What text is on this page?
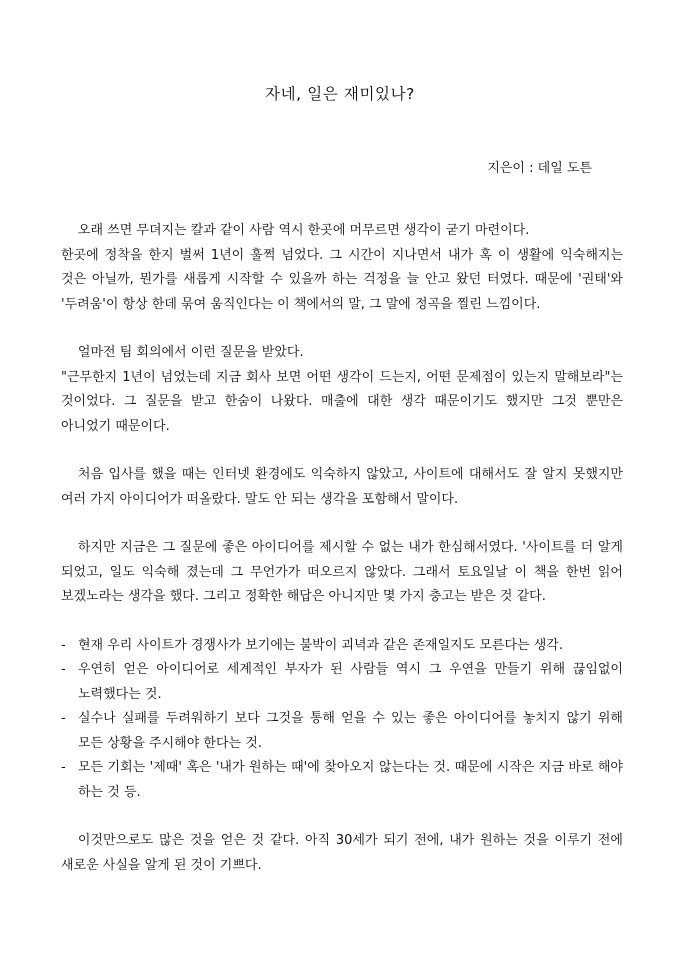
자네, 일은 재미있나?
지은이 : 데일 도튼

오래 쓰면 무뎌지는 칼과 같이 사람 역시 한곳에 머무르면 생각이 굳기 마련이다.
한곳에 정착을 한지 벌써 1년이 훌쩍 넘었다. 그 시간이 지나면서 내가 혹 이 생활에 익숙해지는 것은 아닐까, 뭔가를 새롭게 시작할 수 있을까 하는 걱정을 늘 안고 왔던 터였다. 때문에 '권태'와 '두려움'이 항상 한데 묶여 움직인다는 이 책에서의 말, 그 말에 정곡을 찔린 느낌이다.

얼마전 팀 회의에서 이런 질문을 받았다.
"근무한지 1년이 넘었는데 지금 회사 보면 어떤 생각이 드는지, 어떤 문제점이 있는지 말해보라"는 것이었다. 그 질문을 받고 한숨이 나왔다. 매출에 대한 생각 때문이기도 했지만 그것 뿐만은 아니었기 때문이다.

처음 입사를 했을 때는 인터넷 환경에도 익숙하지 않았고, 사이트에 대해서도 잘 알지 못했지만 여러 가지 아이디어가 떠올랐다. 말도 안 되는 생각을 포함해서 말이다.

하지만 지금은 그 질문에 좋은 아이디어를 제시할 수 없는 내가 한심해서였다. '사이트를 더 알게 되었고, 일도 익숙해 졌는데 그 무언가가 떠오르지 않았다. 그래서 토요일날 이 책을 한번 읽어 보겠노라는 생각을 했다. 그리고 정확한 해답은 아니지만 몇 가지 충고는 받은 것 같다.

- 현재 우리 사이트가 경쟁사가 보기에는 불박이 괴녁과 같은 존재일지도 모른다는 생각.
- 우연히 얻은 아이디어로 세계적인 부자가 된 사람들 역시 그 우연을 만들기 위해 끊임없이 노력했다는 것.
- 실수나 실패를 두려워하기 보다 그것을 통해 얻을 수 있는 좋은 아이디어를 놓치지 않기 위해 모든 상황을 주시해야 한다는 것.
- 모든 기회는 '제때' 혹은 '내가 원하는 때'에 찾아오지 않는다는 것. 때문에 시작은 지금 바로 해야 하는 것 등.

이것만으로도 많은 것을 얻은 것 같다. 아직 30세가 되기 전에, 내가 원하는 것을 이루기 전에 새로운 사실을 알게 된 것이 기쁘다.
